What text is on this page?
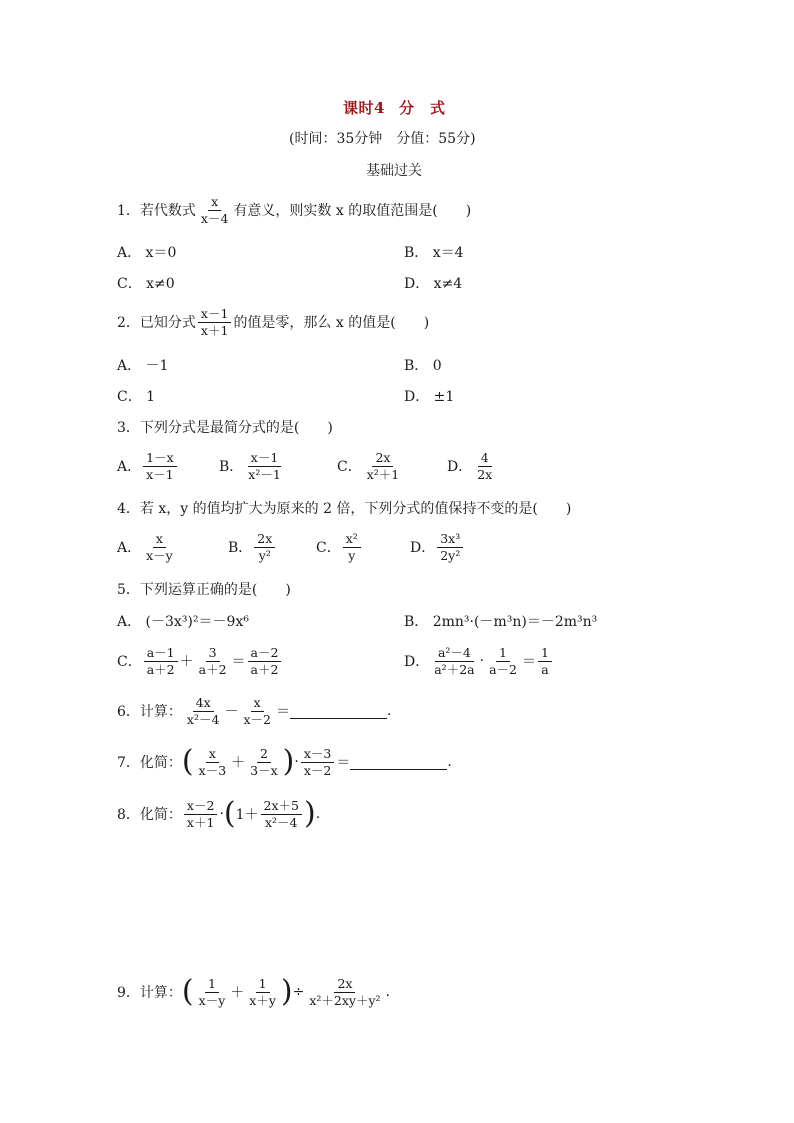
课时4 分　式
(时间：35分钟　分值：55分)
基础过关
1． 若代数式 $\frac{x}{x-4}$ 有意义，则实数 x 的取值范围是(　　)
A． x＝0	B． x＝4
C． x≠0	D． x≠4
2． 已知分式 $\frac{x-1}{x+1}$ 的值是零，那么 x 的值是(　　)
A． －1	B． 0
C． 1	D． ±1
3．下列分式是最简分式的是(　　)
A． $\frac{1-x}{x-1}$	B． $\frac{x-1}{\text{x²－1}}$	C． $\frac{2x}{\text{x²＋1}}$	D． $\frac{4}{2x}$
4．若 x，y 的值均扩大为原来的 2 倍，下列分式的值保持不变的是(　　)
A． $\frac{x}{x-y}$	B． $\frac{2x}{\text{y²}}$	C． $\frac{\text{x²}}{y}$	D． $\frac{\text{3x³}}{\text{2y²}}$
5．下列运算正确的是(　　)
A． (－3x³)²＝－9x⁶	B． 2mn³·(－m³n)＝－2m³n³
C． $\frac{a-1}{a+2} + \frac{3}{a+2} = \frac{a-2}{a+2}$	D． $\frac{\text{a²－4}}{\text{a²＋2a}} \cdot \frac{1}{a-2} = \frac{1}{a}$
6． 计算： $\frac{4x}{\text{x²－4}} - \frac{x}{x-2}$ ＝	.
7． 化简： ( $\frac{x}{x-3} + \frac{2}{3-x}$ ) · $\frac{x-3}{x-2}$ ＝	.
8． 化简： $\frac{x-2}{x+1}$ · ( $1+ \frac{2x+5}{\text{x²－4}}$ ) .
9． 计算： ( $\frac{1}{x-y} + \frac{1}{x+y}$ ) ÷ $\frac{2x}{\text{x²＋2xy＋y²}}$ .
